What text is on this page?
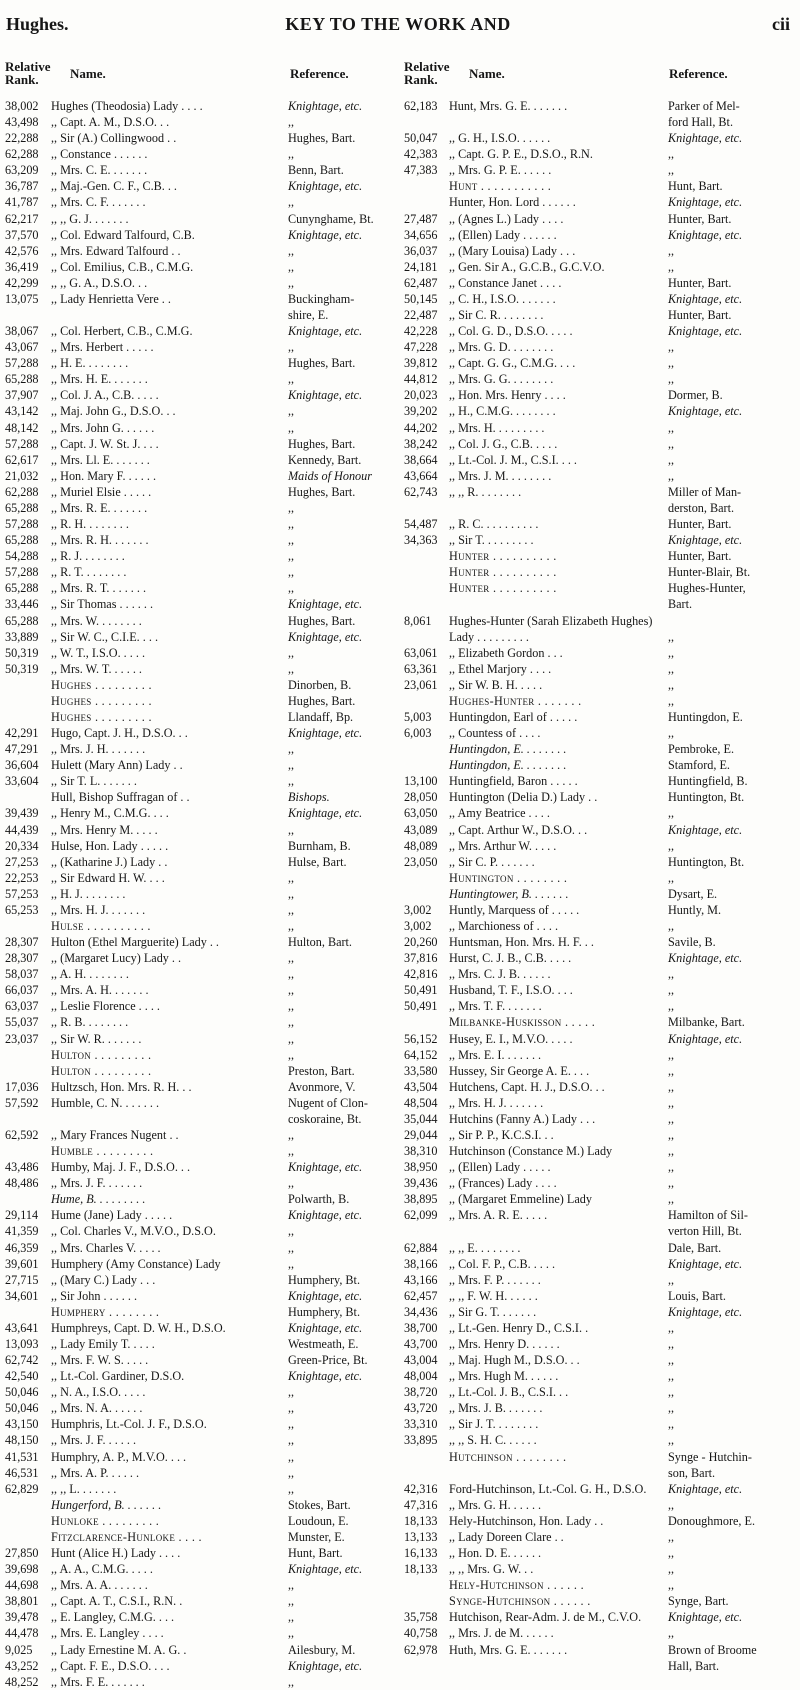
Hughes.	KEY TO THE WORK AND	cii
Relative
Rank.	Name.	Reference.
38,002 Hughes (Theodosia) Lady . . . .	Knightage, etc.
43,498 ,, Capt. A. M., D.S.O. . .	,,
22,288 ,, Sir (A.) Collingwood . .	Hughes, Bart.
62,288 ,, Constance . . . . . .	,,
63,209 ,, Mrs. C. E. . . . . . .	Benn, Bart.
36,787 ,, Maj.-Gen. C. F., C.B. . .	Knightage, etc.
41,787 ,, Mrs. C. F. . . . . . .	,,
62,217 ,, ,, G. J. . . . . . .	Cunynghame, Bt.
37,570 ,, Col. Edward Talfourd, C.B.	Knightage, etc.
42,576 ,, Mrs. Edward Talfourd . .	,,
36,419 ,, Col. Emilius, C.B., C.M.G.	,,
42,299 ,, ,, G. A., D.S.O. . .	,,
13,075 ,, Lady Henrietta Vere . .	Buckingham-
shire, E.
38,067 ,, Col. Herbert, C.B., C.M.G.	Knightage, etc.
43,067 ,, Mrs. Herbert . . . . .	,,
57,288 ,, H. E. . . . . . . .	Hughes, Bart.
65,288 ,, Mrs. H. E. . . . . . .	,,
37,907 ,, Col. J. A., C.B. . . . .	Knightage, etc.
43,142 ,, Maj. John G., D.S.O. . .	,,
48,142 ,, Mrs. John G. . . . . .	,,
57,288 ,, Capt. J. W. St. J. . . .	Hughes, Bart.
62,617 ,, Mrs. Ll. E. . . . . . .	Kennedy, Bart.
21,032 ,, Hon. Mary F. . . . . .	Maids of Honour
62,288 ,, Muriel Elsie . . . . .	Hughes, Bart.
65,288 ,, Mrs. R. E. . . . . . .	,,
57,288 ,, R. H. . . . . . . .	,,
65,288 ,, Mrs. R. H. . . . . . .	,,
54,288 ,, R. J. . . . . . . .	,,
57,288 ,, R. T. . . . . . . .	,,
65,288 ,, Mrs. R. T. . . . . . .	,,
33,446 ,, Sir Thomas . . . . . .	Knightage, etc.
65,288 ,, Mrs. W. . . . . . . .	Hughes, Bart.
33,889 ,, Sir W. C., C.I.E. . . .	Knightage, etc.
50,319 ,, W. T., I.S.O. . . . .	,,
50,319 ,, Mrs. W. T. . . . . .	,,
Hughes . . . . . . . . .	Dinorben, B.
Hughes . . . . . . . . .	Hughes, Bart.
Hughes . . . . . . . . .	Llandaff, Bp.
42,291 Hugo, Capt. J. H., D.S.O. . .	Knightage, etc.
47,291 ,, Mrs. J. H. . . . . . .	,,
36,604 Hulett (Mary Ann) Lady . .	,,
33,604 ,, Sir T. L. . . . . . .	,,
Hull, Bishop Suffragan of . .	Bishops.
39,439 ,, Henry M., C.M.G. . . .	Knightage, etc.
44,439 ,, Mrs. Henry M. . . . .	,,
20,334 Hulse, Hon. Lady . . . . .	Burnham, B.
27,253 ,, (Katharine J.) Lady . .	Hulse, Bart.
22,253 ,, Sir Edward H. W. . . .	,,
57,253 ,, H. J. . . . . . . .	,,
65,253 ,, Mrs. H. J. . . . . . .	,,
Hulse . . . . . . . . . .	,,
28,307 Hulton (Ethel Marguerite) Lady . .	Hulton, Bart.
28,307 ,, (Margaret Lucy) Lady . .	,,
58,037 ,, A. H. . . . . . . .	,,
66,037 ,, Mrs. A. H. . . . . . .	,,
63,037 ,, Leslie Florence . . . .	,,
55,037 ,, R. B. . . . . . . .	,,
23,037 ,, Sir W. R. . . . . . .	,,
Hulton . . . . . . . . .	,,
Hulton . . . . . . . . .	Preston, Bart.
17,036 Hultzsch, Hon. Mrs. R. H. . .	Avonmore, V.
57,592 Humble, C. N. . . . . . .	Nugent of Clon-
coskoraine, Bt.
62,592 ,, Mary Frances Nugent . .	,,
Humble . . . . . . . . .	,,
43,486 Humby, Maj. J. F., D.S.O. . .	Knightage, etc.
48,486 ,, Mrs. J. F. . . . . . .	,,
Hume, B. . . . . . . . .	Polwarth, B.
29,114 Hume (Jane) Lady . . . . .	Knightage, etc.
41,359 ,, Col. Charles V., M.V.O., D.S.O.	,,
46,359 ,, Mrs. Charles V. . . . .	,,
39,601 Humphery (Amy Constance) Lady	,,
27,715 ,, (Mary C.) Lady . . .	Humphery, Bt.
34,601 ,, Sir John . . . . . .	Knightage, etc.
Humphery . . . . . . . .	Humphery, Bt.
43,641 Humphreys, Capt. D. W. H., D.S.O.	Knightage, etc.
13,093 ,, Lady Emily T. . . . .	Westmeath, E.
62,742 ,, Mrs. F. W. S. . . . .	Green-Price, Bt.
42,540 ,, Lt.-Col. Gardiner, D.S.O.	Knightage, etc.
50,046 ,, N. A., I.S.O. . . . .	,,
50,046 ,, Mrs. N. A. . . . . .	,,
43,150 Humphris, Lt.-Col. J. F., D.S.O.	,,
48,150 ,, Mrs. J. F. . . . . .	,,
41,531 Humphry, A. P., M.V.O. . . .	,,
46,531 ,, Mrs. A. P. . . . . .	,,
62,829 ,, ,, L. . . . . . .	,,
Hungerford, B. . . . . . .	Stokes, Bart.
Hunloke . . . . . . . . .	Loudoun, E.
Fitzclarence-Hunloke . . . .	Munster, E.
27,850 Hunt (Alice H.) Lady . . . .	Hunt, Bart.
39,698 ,, A. A., C.M.G. . . . .	Knightage, etc.
44,698 ,, Mrs. A. A. . . . . . .	,,
38,801 ,, Capt. A. T., C.S.I., R.N. .	,,
39,478 ,, E. Langley, C.M.G. . . .	,,
44,478 ,, Mrs. E. Langley . . . .	,,
9,025 ,, Lady Ernestine M. A. G. .	Ailesbury, M.
43,252 ,, Capt. F. E., D.S.O. . . .	Knightage, etc.
48,252 ,, Mrs. F. E. . . . . . .	,,
Relative
Rank.	Name.	Reference.
62,183 Hunt, Mrs. G. E. . . . . . .	Parker of Mel-
ford Hall, Bt.
50,047 ,, G. H., I.S.O. . . . . .	Knightage, etc.
42,383 ,, Capt. G. P. E., D.S.O., R.N.	,,
47,383 ,, Mrs. G. P. E. . . . . .	,,
Hunt . . . . . . . . . . .	Hunt, Bart.
Hunter, Hon. Lord . . . . . .	Knightage, etc.
27,487 ,, (Agnes L.) Lady . . . .	Hunter, Bart.
34,656 ,, (Ellen) Lady . . . . . .	Knightage, etc.
36,037 ,, (Mary Louisa) Lady . . .	,,
24,181 ,, Gen. Sir A., G.C.B., G.C.V.O.	,,
62,487 ,, Constance Janet . . . .	Hunter, Bart.
50,145 ,, C. H., I.S.O. . . . . . .	Knightage, etc.
22,487 ,, Sir C. R. . . . . . . .	Hunter, Bart.
42,228 ,, Col. G. D., D.S.O. . . . .	Knightage, etc.
47,228 ,, Mrs. G. D. . . . . . . .	,,
39,812 ,, Capt. G. G., C.M.G. . . .	,,
44,812 ,, Mrs. G. G. . . . . . . .	,,
20,023 ,, Hon. Mrs. Henry . . . .	Dormer, B.
39,202 ,, H., C.M.G. . . . . . . .	Knightage, etc.
44,202 ,, Mrs. H. . . . . . . . .	,,
38,242 ,, Col. J. G., C.B. . . . .	,,
38,664 ,, Lt.-Col. J. M., C.S.I. . . .	,,
43,664 ,, Mrs. J. M. . . . . . . .	,,
62,743 ,, ,, R. . . . . . . .	Miller of Man-
derston, Bart.
54,487 ,, R. C. . . . . . . . . .	Hunter, Bart.
34,363 ,, Sir T. . . . . . . . .	Knightage, etc.
Hunter . . . . . . . . . .	Hunter, Bart.
Hunter . . . . . . . . . .	Hunter-Blair, Bt.
Hunter . . . . . . . . . .	Hughes-Hunter,
Bart.
8,061 Hughes-Hunter (Sarah Elizabeth Hughes)
Lady . . . . . . . . .	,,
63,061 ,, Elizabeth Gordon . . .	,,
63,361 ,, Ethel Marjory . . . .	,,
23,061 ,, Sir W. B. H. . . . .	,,
Hughes-Hunter . . . . . . .	,,
5,003 Huntingdon, Earl of . . . . .	Huntingdon, E.
6,003 ,, Countess of . . . .	,,
Huntingdon, E. . . . . . . .	Pembroke, E.
Huntingdon, E. . . . . . . .	Stamford, E.
13,100 Huntingfield, Baron . . . . .	Huntingfield, B.
28,050 Huntington (Delia D.) Lady . .	Huntington, Bt.
63,050 ,, Amy Beatrice . . . .	,,
43,089 ,, Capt. Arthur W., D.S.O. . .	Knightage, etc.
48,089 ,, Mrs. Arthur W. . . . .	,,
23,050 ,, Sir C. P. . . . . . .	Huntington, Bt.
Huntington . . . . . . . .	,,
Huntingtower, B. . . . . . .	Dysart, E.
3,002 Huntly, Marquess of . . . . .	Huntly, M.
3,002 ,, Marchioness of . . . .	,,
20,260 Huntsman, Hon. Mrs. H. F. . .	Savile, B.
37,816 Hurst, C. J. B., C.B. . . . .	Knightage, etc.
42,816 ,, Mrs. C. J. B. . . . . .	,,
50,491 Husband, T. F., I.S.O. . . .	,,
50,491 ,, Mrs. T. F. . . . . . .	,,
Milbanke-Huskisson . . . . .	Milbanke, Bart.
56,152 Husey, E. I., M.V.O. . . . .	Knightage, etc.
64,152 ,, Mrs. E. I. . . . . . .	,,
33,580 Hussey, Sir George A. E. . . .	,,
43,504 Hutchens, Capt. H. J., D.S.O. . .	,,
48,504 ,, Mrs. H. J. . . . . . .	,,
35,044 Hutchins (Fanny A.) Lady . . .	,,
29,044 ,, Sir P. P., K.C.S.I. . .	,,
38,310 Hutchinson (Constance M.) Lady	,,
38,950 ,, (Ellen) Lady . . . . .	,,
39,436 ,, (Frances) Lady . . . .	,,
38,895 ,, (Margaret Emmeline) Lady	,,
62,099 ,, Mrs. A. R. E. . . . .	Hamilton of Sil-
verton Hill, Bt.
62,884 ,, ,, E. . . . . . . .	Dale, Bart.
38,166 ,, Col. F. P., C.B. . . . .	Knightage, etc.
43,166 ,, Mrs. F. P. . . . . . .	,,
62,457 ,, ,, F. W. H. . . . . .	Louis, Bart.
34,436 ,, Sir G. T. . . . . . .	Knightage, etc.
38,700 ,, Lt.-Gen. Henry D., C.S.I. .	,,
43,700 ,, Mrs. Henry D. . . . . .	,,
43,004 ,, Maj. Hugh M., D.S.O. . .	,,
48,004 ,, Mrs. Hugh M. . . . . .	,,
38,720 ,, Lt.-Col. J. B., C.S.I. . .	,,
43,720 ,, Mrs. J. B. . . . . . .	,,
33,310 ,, Sir J. T. . . . . . . .	,,
33,895 ,, ,, S. H. C. . . . . .	,,
Hutchinson . . . . . . . .	Synge - Hutchin-
son, Bart.
42,316 Ford-Hutchinson, Lt.-Col. G. H., D.S.O.	Knightage, etc.
47,316 ,, Mrs. G. H. . . . . .	,,
18,133 Hely-Hutchinson, Hon. Lady . .	Donoughmore, E.
13,133 ,, Lady Doreen Clare . .	,,
16,133 ,, Hon. D. E. . . . . .	,,
18,133 ,, ,, Mrs. G. W. . .	,,
Hely-Hutchinson . . . . . .	,,
Synge-Hutchinson . . . . . .	Synge, Bart.
35,758 Hutchison, Rear-Adm. J. de M., C.V.O.	Knightage, etc.
40,758 ,, Mrs. J. de M. . . . . .	,,
62,978 Huth, Mrs. G. E. . . . . . .	Brown of Broome
Hall, Bart.
